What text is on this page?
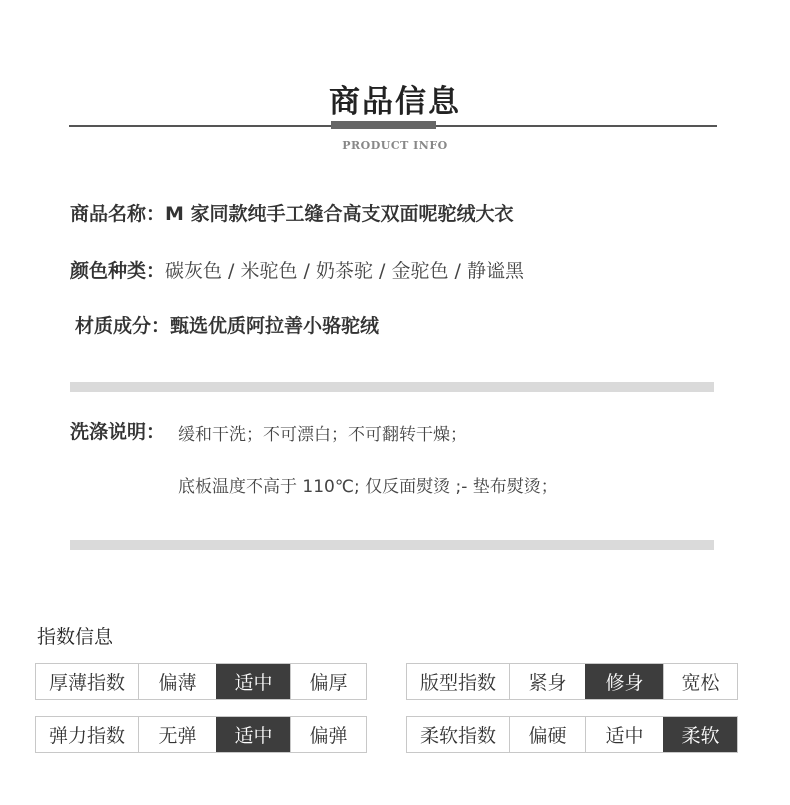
商品信息
PRODUCT INFO
商品名称：M 家同款纯手工缝合高支双面呢驼绒大衣
颜色种类：碳灰色 / 米驼色 / 奶茶驼 / 金驼色 / 静谧黑
材质成分：甄选优质阿拉善小骆驼绒
洗涤说明： 缓和干洗；不可漂白；不可翻转干燥；
底板温度不高于 110℃; 仅反面熨烫 ;- 垫布熨烫；
指数信息
厚薄指数	偏薄	适中	偏厚	版型指数	紧身	修身	宽松
弹力指数	无弹	适中	偏弹	柔软指数	偏硬	适中	柔软
